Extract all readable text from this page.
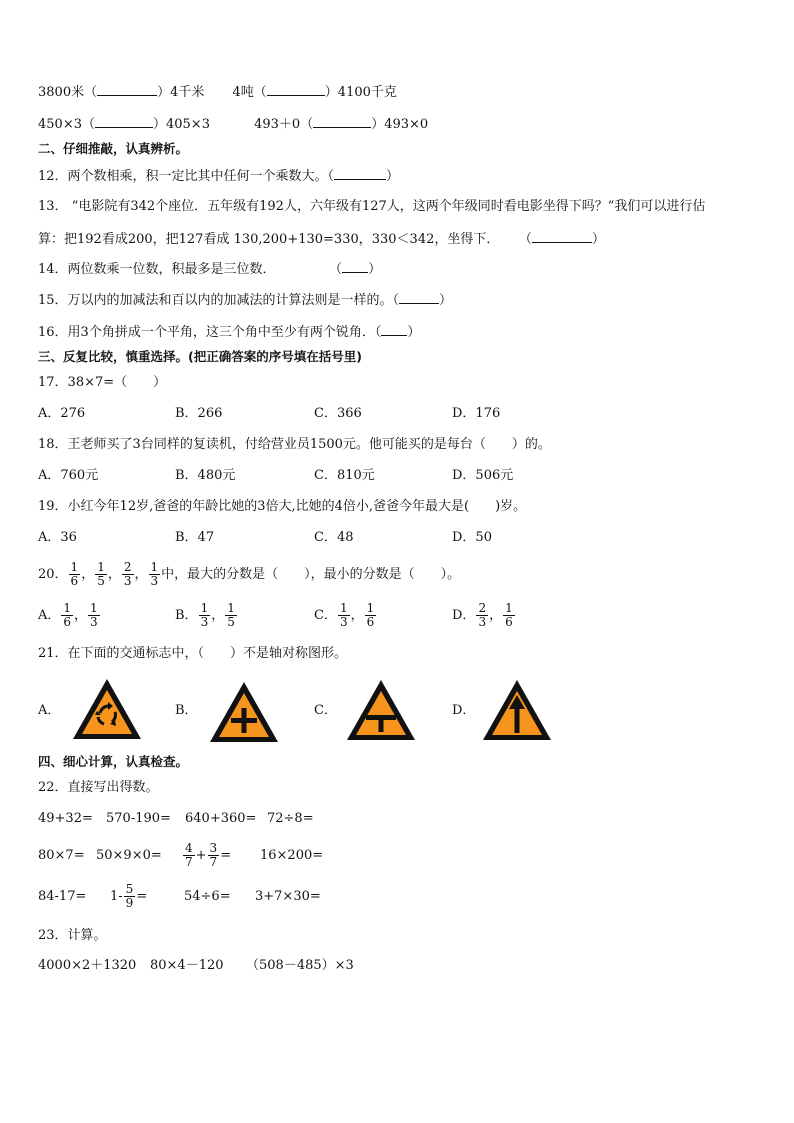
3800米（	）4千米 4吨（	）4100千克
450×3（	）405×3	493＋0（	）493×0
二、仔细推敲，认真辨析。
12．两个数相乘，积一定比其中任何一个乘数大。（	）
13． “电影院有342个座位．五年级有192人，六年级有127人，这两个年级同时看电影坐得下吗？”我们可以进行估
算：把192看成200，把127看成 130,200+130=330，330＜342，坐得下． （	）
14．两位数乘一位数，积最多是三位数．	（ ）
15．万以内的加减法和百以内的加减法的计算法则是一样的。（	）
16．用3个角拼成一个平角，这三个角中至少有两个锐角．（ ）
三、反复比较，慎重选择。(把正确答案的序号填在括号里)
17．38×7=（　　）
A．276	B．266	C．366	D．176
18．王老师买了3台同样的复读机，付给营业员1500元。他可能买的是每台（　　）的。
A．760元	B．480元	C．810元	D．506元
19．小红今年12岁,爸爸的年龄比她的3倍大,比她的4倍小,爸爸今年最大是(　　)岁。
A．36	B．47	C．48	D．50
20． $\frac{1}{6}$ ， $\frac{1}{5}$ ， $\frac{2}{3}$ ， $\frac{1}{3}$ 中，最大的分数是（　　），最小的分数是（　　）。
A． $\frac{1}{6}$ ， $\frac{1}{3}$	B． $\frac{1}{3}$ ， $\frac{1}{5}$	C． $\frac{1}{3}$ ， $\frac{1}{6}$	D． $\frac{2}{3}$ ， $\frac{1}{6}$
21．在下面的交通标志中，（　　）不是轴对称图形。
A．	B．	C．	D．
四、细心计算，认真检查。
22．直接写出得数。
49+32= 570-190= 640+360= 72÷8=
$80\times 7= 50\times 9\times 0= \frac{4}{7} + \frac{3}{7} = 16\times 200=$
$84-17= 1- \frac{5}{9}$ =	54÷6= 3+7×30=
23．计算。
4000×2＋1320 80×4－120 （508－485）×3
